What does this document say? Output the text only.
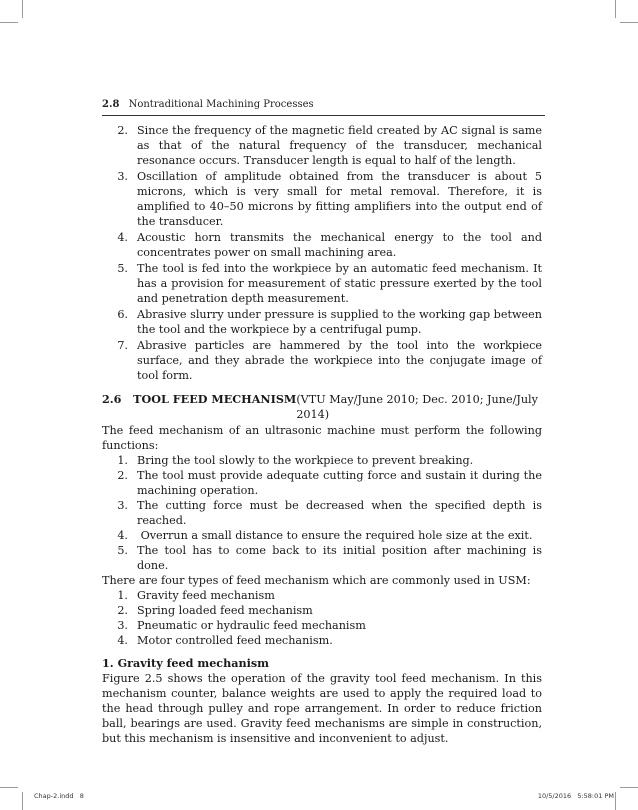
2.8 Nontraditional Machining Processes
2. Since the frequency of the magnetic field created by AC signal is same as that of the natural frequency of the transducer, mechanical resonance occurs. Transducer length is equal to half of the length.
3. Oscillation of amplitude obtained from the transducer is about 5 microns, which is very small for metal removal. Therefore, it is amplified to 40–50 microns by fitting amplifiers into the output end of the transducer.
4. Acoustic horn transmits the mechanical energy to the tool and concentrates power on small machining area.
5. The tool is fed into the workpiece by an automatic feed mechanism. It has a provision for measurement of static pressure exerted by the tool and penetration depth measurement.
6. Abrasive slurry under pressure is supplied to the working gap between the tool and the workpiece by a centrifugal pump.
7. Abrasive particles are hammered by the tool into the workpiece surface, and they abrade the workpiece into the conjugate image of tool form.
2.6   TOOL FEED MECHANISM (VTU May/June 2010; Dec. 2010; June/July 2014)

The feed mechanism of an ultrasonic machine must perform the following functions:

1. Bring the tool slowly to the workpiece to prevent breaking.
2. The tool must provide adequate cutting force and sustain it during the machining operation.
3. The cutting force must be decreased when the specified depth is reached.
4. Overrun a small distance to ensure the required hole size at the exit.
5. The tool has to come back to its initial position after machining is done.

There are four types of feed mechanism which are commonly used in USM:

1. Gravity feed mechanism
2. Spring loaded feed mechanism
3. Pneumatic or hydraulic feed mechanism
4. Motor controlled feed mechanism.
1. Gravity feed mechanism

Figure 2.5 shows the operation of the gravity tool feed mechanism. In this mechanism counter, balance weights are used to apply the required load to the head through pulley and rope arrangement. In order to reduce friction ball, bearings are used. Gravity feed mechanisms are simple in construction, but this mechanism is insensitive and inconvenient to adjust.

Chap-2.indd   8	10/5/2016   5:58:01 PM
